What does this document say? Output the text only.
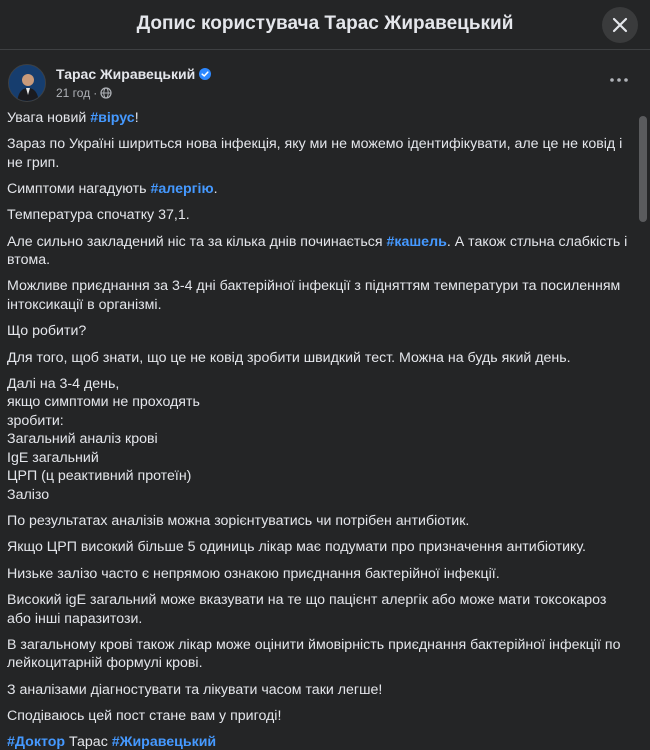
Допис користувача Тарас Жиравецький
Тарас Жиравецький
21 год ·

Увага новий #вірус!

Зараз по Україні шириться нова інфекція, яку ми не можемо ідентифікувати, але це не ковід і не грип.

Симптоми нагадують #алергію.

Температура спочатку 37,1.

Але сильно закладений ніс та за кілька днів починається #кашель. А також стльна слабкість і втома.

Можливе приєднання за 3-4 дні бактерійної інфекції з підняттям температури та посиленням інтоксикації в організмі.

Що робити?

Для того, щоб знати, що це не ковід зробити швидкий тест. Можна на будь який день.

Далі на 3-4 день,
якщо симптоми не проходять
зробити:
Загальний аналіз крові
IgE загальний
ЦРП (ц реактивний протеїн)
Залізо

По результатах аналізів можна зорієнтуватись чи потрібен антибіотик.

Якщо ЦРП високий більше 5 одиниць лікар має подумати про призначення антибіотику.

Низьке залізо часто є непрямою ознакою приєднання бактерійної інфекції.

Високий igE загальний може вказувати на те що пацієнт алергік або може мати токсокароз або інші паразитози.

В загальному крові також лікар може оцінити ймовірність приєднання бактерійної інфекції по лейкоцитарній формулі крові.

З аналізами діагностувати та лікувати часом таки легше!

Сподіваюсь цей пост стане вам у пригоді!

#Доктор Тарас #Жиравецький
